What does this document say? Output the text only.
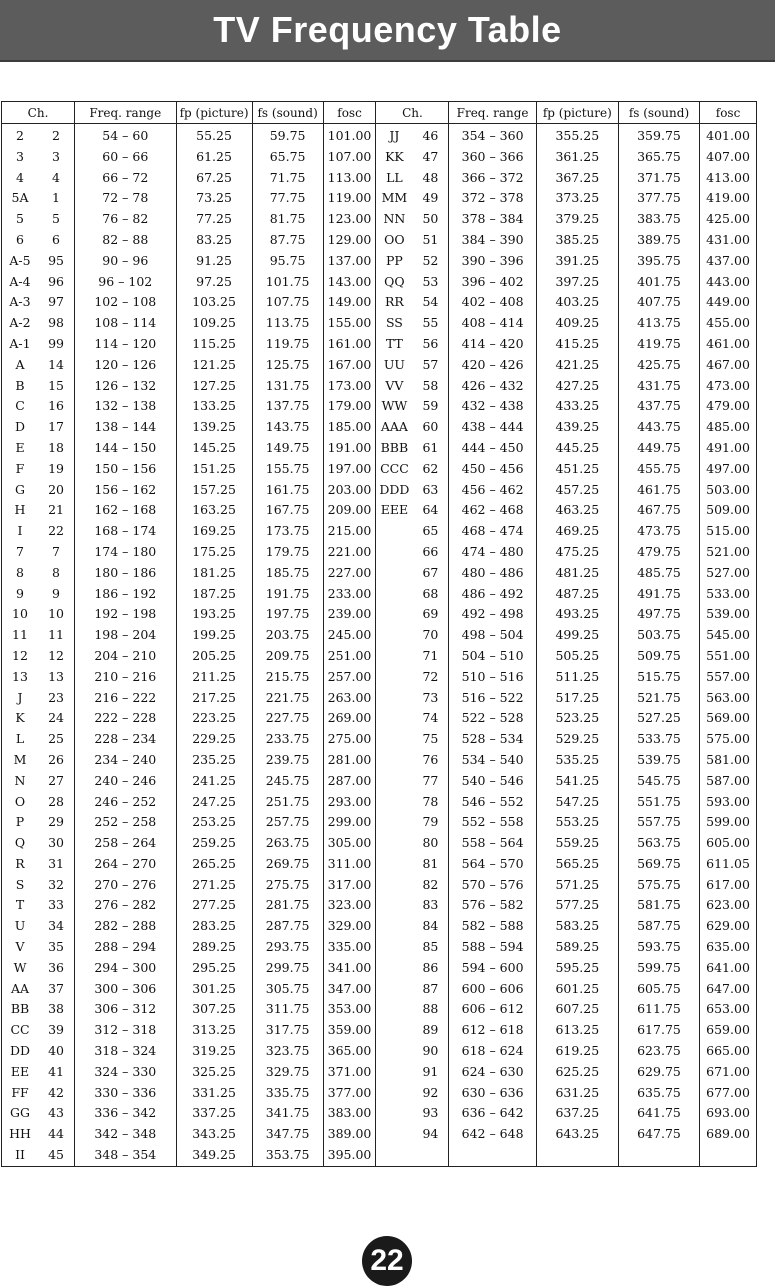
TV Frequency Table
Ch.		Freq. range	fp (picture)	fs (sound)	fosc	Ch.		Freq. range	fp (picture)	fs (sound)	fosc
2	2	54 – 60	55.25	59.75	101.00	JJ	46	354 – 360	355.25	359.75	401.00
3	3	60 – 66	61.25	65.75	107.00	KK	47	360 – 366	361.25	365.75	407.00
4	4	66 – 72	67.25	71.75	113.00	LL	48	366 – 372	367.25	371.75	413.00
5A	1	72 – 78	73.25	77.75	119.00	MM	49	372 – 378	373.25	377.75	419.00
5	5	76 – 82	77.25	81.75	123.00	NN	50	378 – 384	379.25	383.75	425.00
6	6	82 – 88	83.25	87.75	129.00	OO	51	384 – 390	385.25	389.75	431.00
A-5	95	90 – 96	91.25	95.75	137.00	PP	52	390 – 396	391.25	395.75	437.00
A-4	96	96 – 102	97.25	101.75	143.00	QQ	53	396 – 402	397.25	401.75	443.00
A-3	97	102 – 108	103.25	107.75	149.00	RR	54	402 – 408	403.25	407.75	449.00
A-2	98	108 – 114	109.25	113.75	155.00	SS	55	408 – 414	409.25	413.75	455.00
A-1	99	114 – 120	115.25	119.75	161.00	TT	56	414 – 420	415.25	419.75	461.00
A	14	120 – 126	121.25	125.75	167.00	UU	57	420 – 426	421.25	425.75	467.00
B	15	126 – 132	127.25	131.75	173.00	VV	58	426 – 432	427.25	431.75	473.00
C	16	132 – 138	133.25	137.75	179.00	WW	59	432 – 438	433.25	437.75	479.00
D	17	138 – 144	139.25	143.75	185.00	AAA	60	438 – 444	439.25	443.75	485.00
E	18	144 – 150	145.25	149.75	191.00	BBB	61	444 – 450	445.25	449.75	491.00
F	19	150 – 156	151.25	155.75	197.00	CCC	62	450 – 456	451.25	455.75	497.00
G	20	156 – 162	157.25	161.75	203.00	DDD	63	456 – 462	457.25	461.75	503.00
H	21	162 – 168	163.25	167.75	209.00	EEE	64	462 – 468	463.25	467.75	509.00
I	22	168 – 174	169.25	173.75	215.00		65	468 – 474	469.25	473.75	515.00
7	7	174 – 180	175.25	179.75	221.00		66	474 – 480	475.25	479.75	521.00
8	8	180 – 186	181.25	185.75	227.00		67	480 – 486	481.25	485.75	527.00
9	9	186 – 192	187.25	191.75	233.00		68	486 – 492	487.25	491.75	533.00
10	10	192 – 198	193.25	197.75	239.00		69	492 – 498	493.25	497.75	539.00
11	11	198 – 204	199.25	203.75	245.00		70	498 – 504	499.25	503.75	545.00
12	12	204 – 210	205.25	209.75	251.00		71	504 – 510	505.25	509.75	551.00
13	13	210 – 216	211.25	215.75	257.00		72	510 – 516	511.25	515.75	557.00
J	23	216 – 222	217.25	221.75	263.00		73	516 – 522	517.25	521.75	563.00
K	24	222 – 228	223.25	227.75	269.00		74	522 – 528	523.25	527.25	569.00
L	25	228 – 234	229.25	233.75	275.00		75	528 – 534	529.25	533.75	575.00
M	26	234 – 240	235.25	239.75	281.00		76	534 – 540	535.25	539.75	581.00
N	27	240 – 246	241.25	245.75	287.00		77	540 – 546	541.25	545.75	587.00
O	28	246 – 252	247.25	251.75	293.00		78	546 – 552	547.25	551.75	593.00
P	29	252 – 258	253.25	257.75	299.00		79	552 – 558	553.25	557.75	599.00
Q	30	258 – 264	259.25	263.75	305.00		80	558 – 564	559.25	563.75	605.00
R	31	264 – 270	265.25	269.75	311.00		81	564 – 570	565.25	569.75	611.05
S	32	270 – 276	271.25	275.75	317.00		82	570 – 576	571.25	575.75	617.00
T	33	276 – 282	277.25	281.75	323.00		83	576 – 582	577.25	581.75	623.00
U	34	282 – 288	283.25	287.75	329.00		84	582 – 588	583.25	587.75	629.00
V	35	288 – 294	289.25	293.75	335.00		85	588 – 594	589.25	593.75	635.00
W	36	294 – 300	295.25	299.75	341.00		86	594 – 600	595.25	599.75	641.00
AA	37	300 – 306	301.25	305.75	347.00		87	600 – 606	601.25	605.75	647.00
BB	38	306 – 312	307.25	311.75	353.00		88	606 – 612	607.25	611.75	653.00
CC	39	312 – 318	313.25	317.75	359.00		89	612 – 618	613.25	617.75	659.00
DD	40	318 – 324	319.25	323.75	365.00		90	618 – 624	619.25	623.75	665.00
EE	41	324 – 330	325.25	329.75	371.00		91	624 – 630	625.25	629.75	671.00
FF	42	330 – 336	331.25	335.75	377.00		92	630 – 636	631.25	635.75	677.00
GG	43	336 – 342	337.25	341.75	383.00		93	636 – 642	637.25	641.75	693.00
HH	44	342 – 348	343.25	347.75	389.00		94	642 – 648	643.25	647.75	689.00
II	45	348 – 354	349.25	353.75	395.00						
22
